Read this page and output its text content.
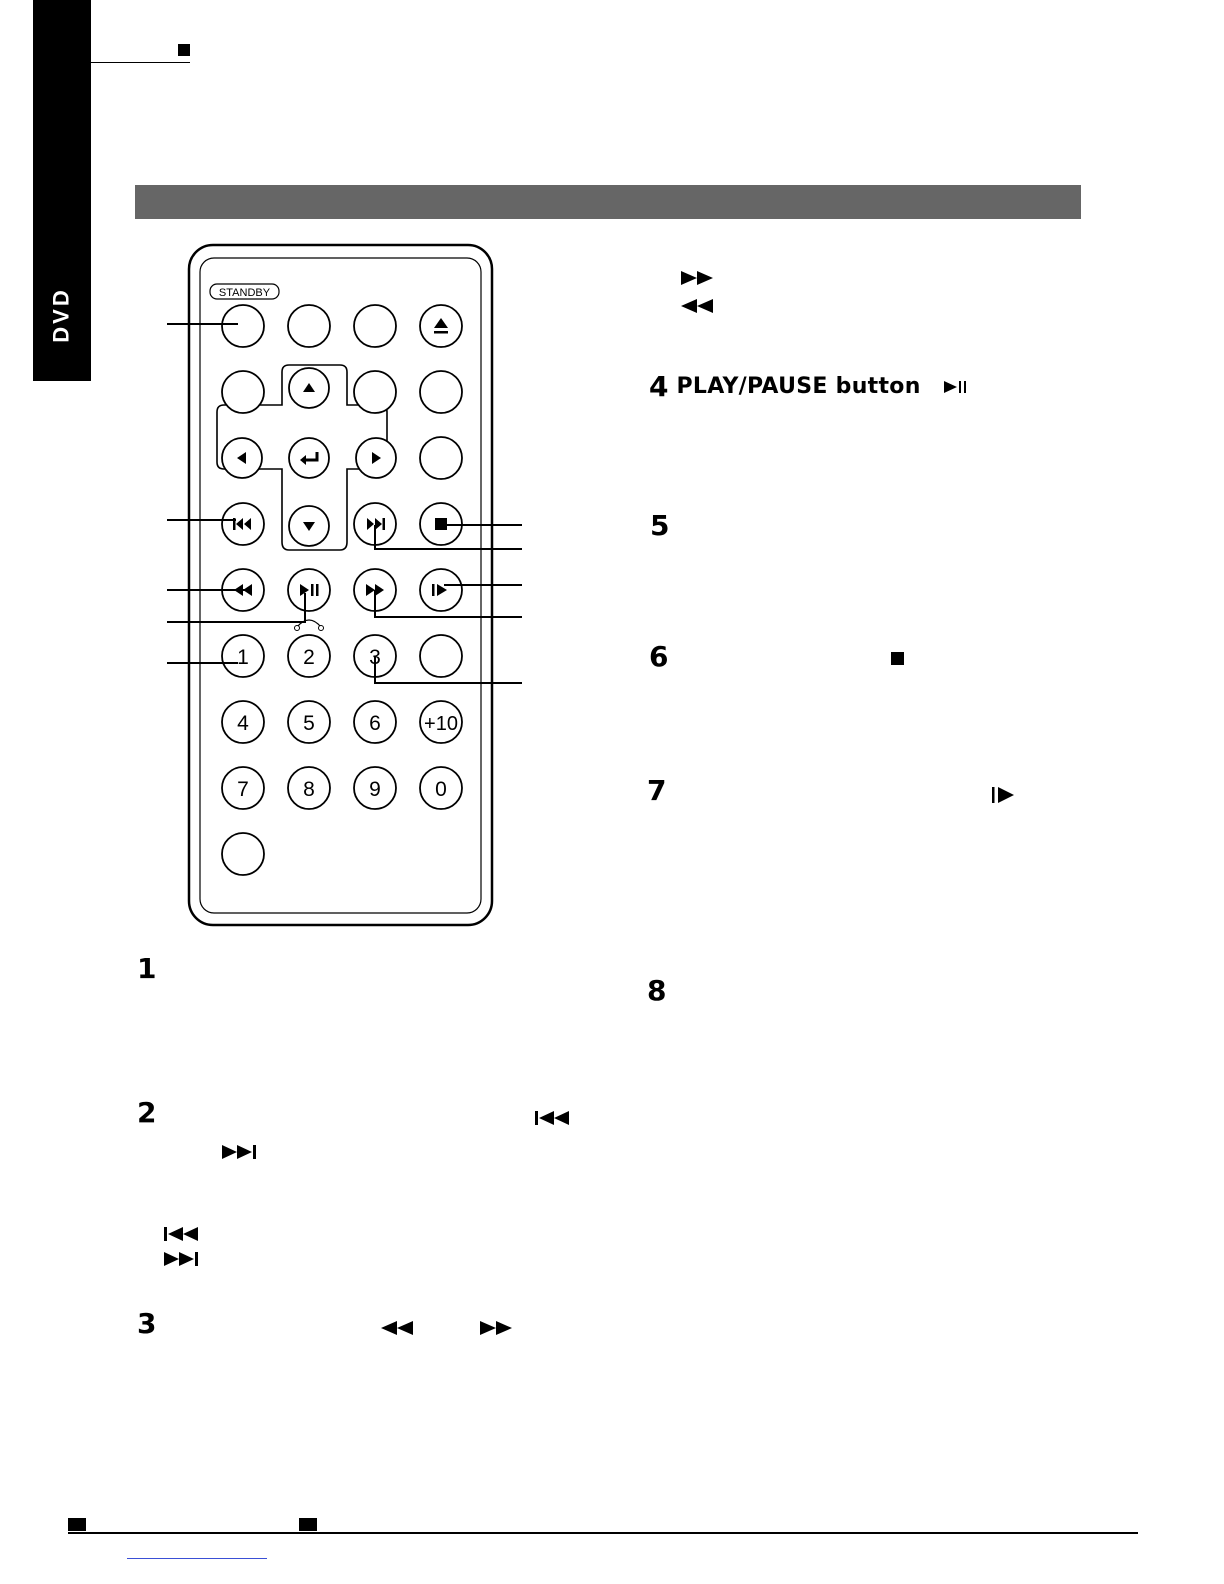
DVD	STANDBY
1	2	3
4	5	6 +10
7	8	9	0
4 PLAY/PAUSE button
5
6
7
8
1
2
3
